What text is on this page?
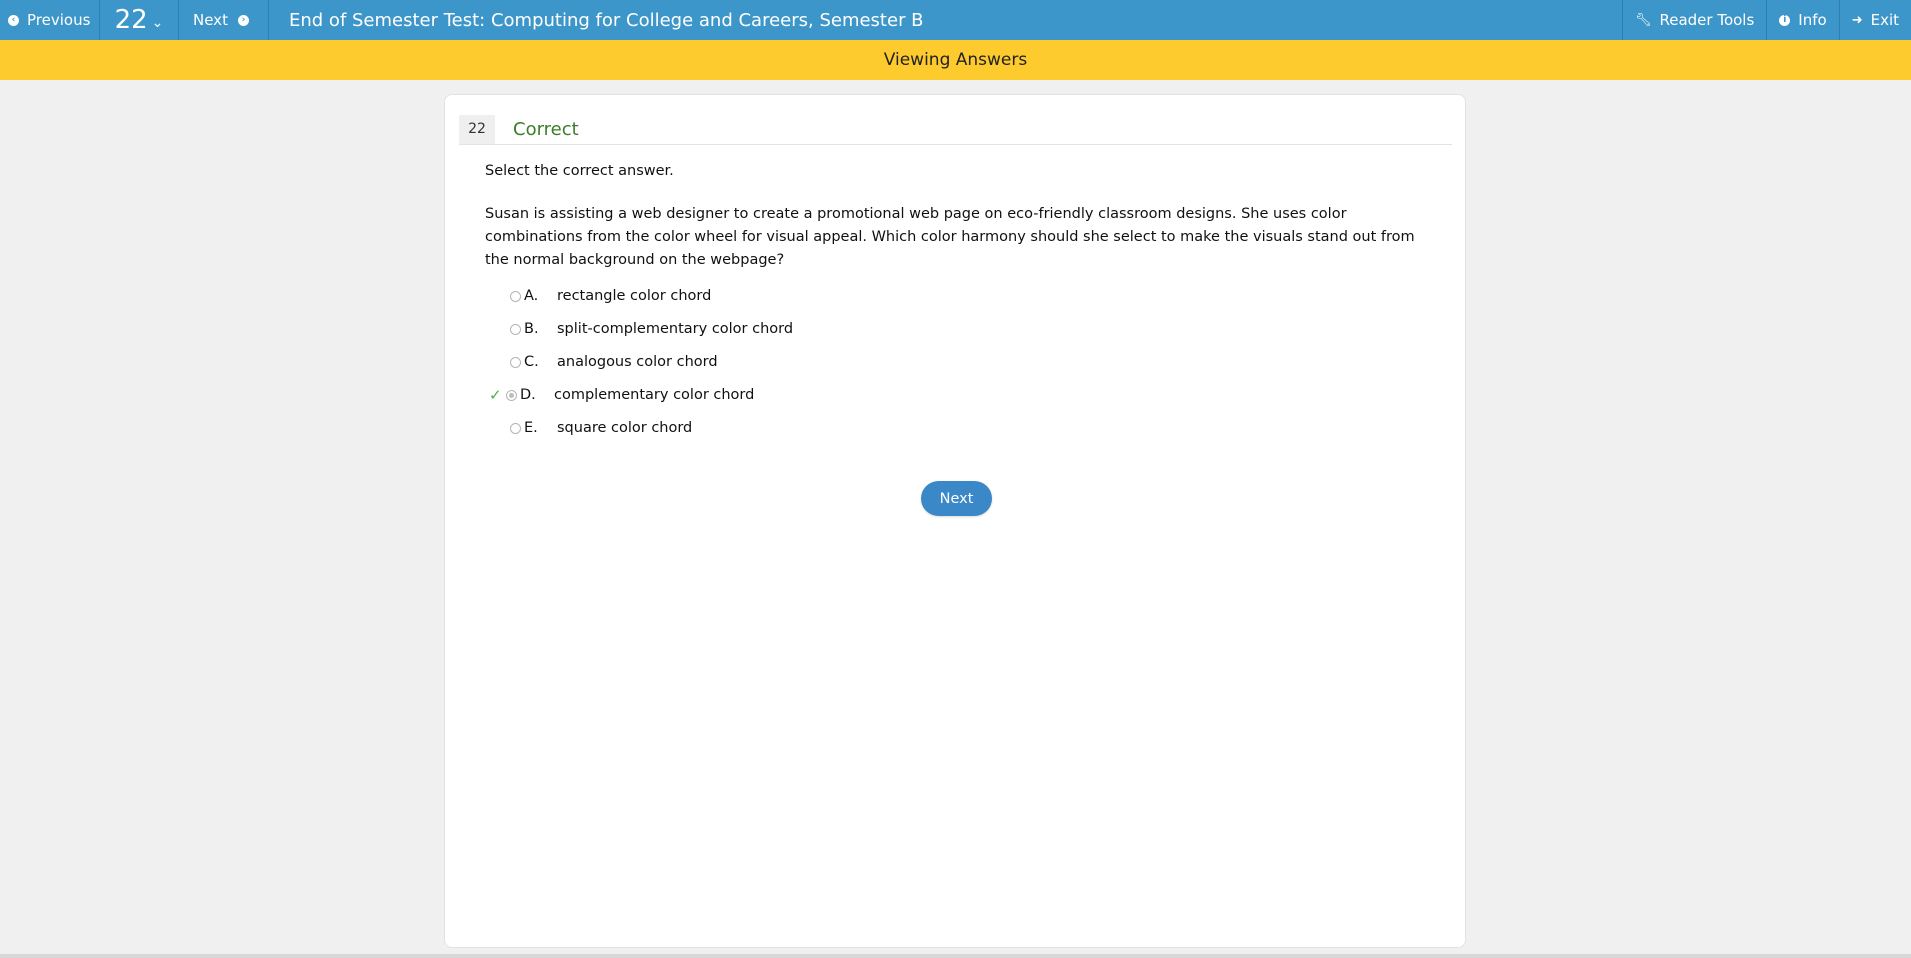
‹ Previous 22 ⌄ Next	›	End of Semester Test: Computing for College and Careers, Semester B	🔧︎ Reader Tools	i Info ➜ Exit
Viewing Answers
22	Correct
Select the correct answer.
Susan is assisting a web designer to create a promotional web page on eco-friendly classroom designs. She uses color combinations from the color wheel for visual appeal. Which color harmony should she select to make the visuals stand out from the normal background on the webpage?
A. rectangle color chord
B. split-complementary color chord
C. analogous color chord
✓ D. complementary color chord
E. square color chord
Next
